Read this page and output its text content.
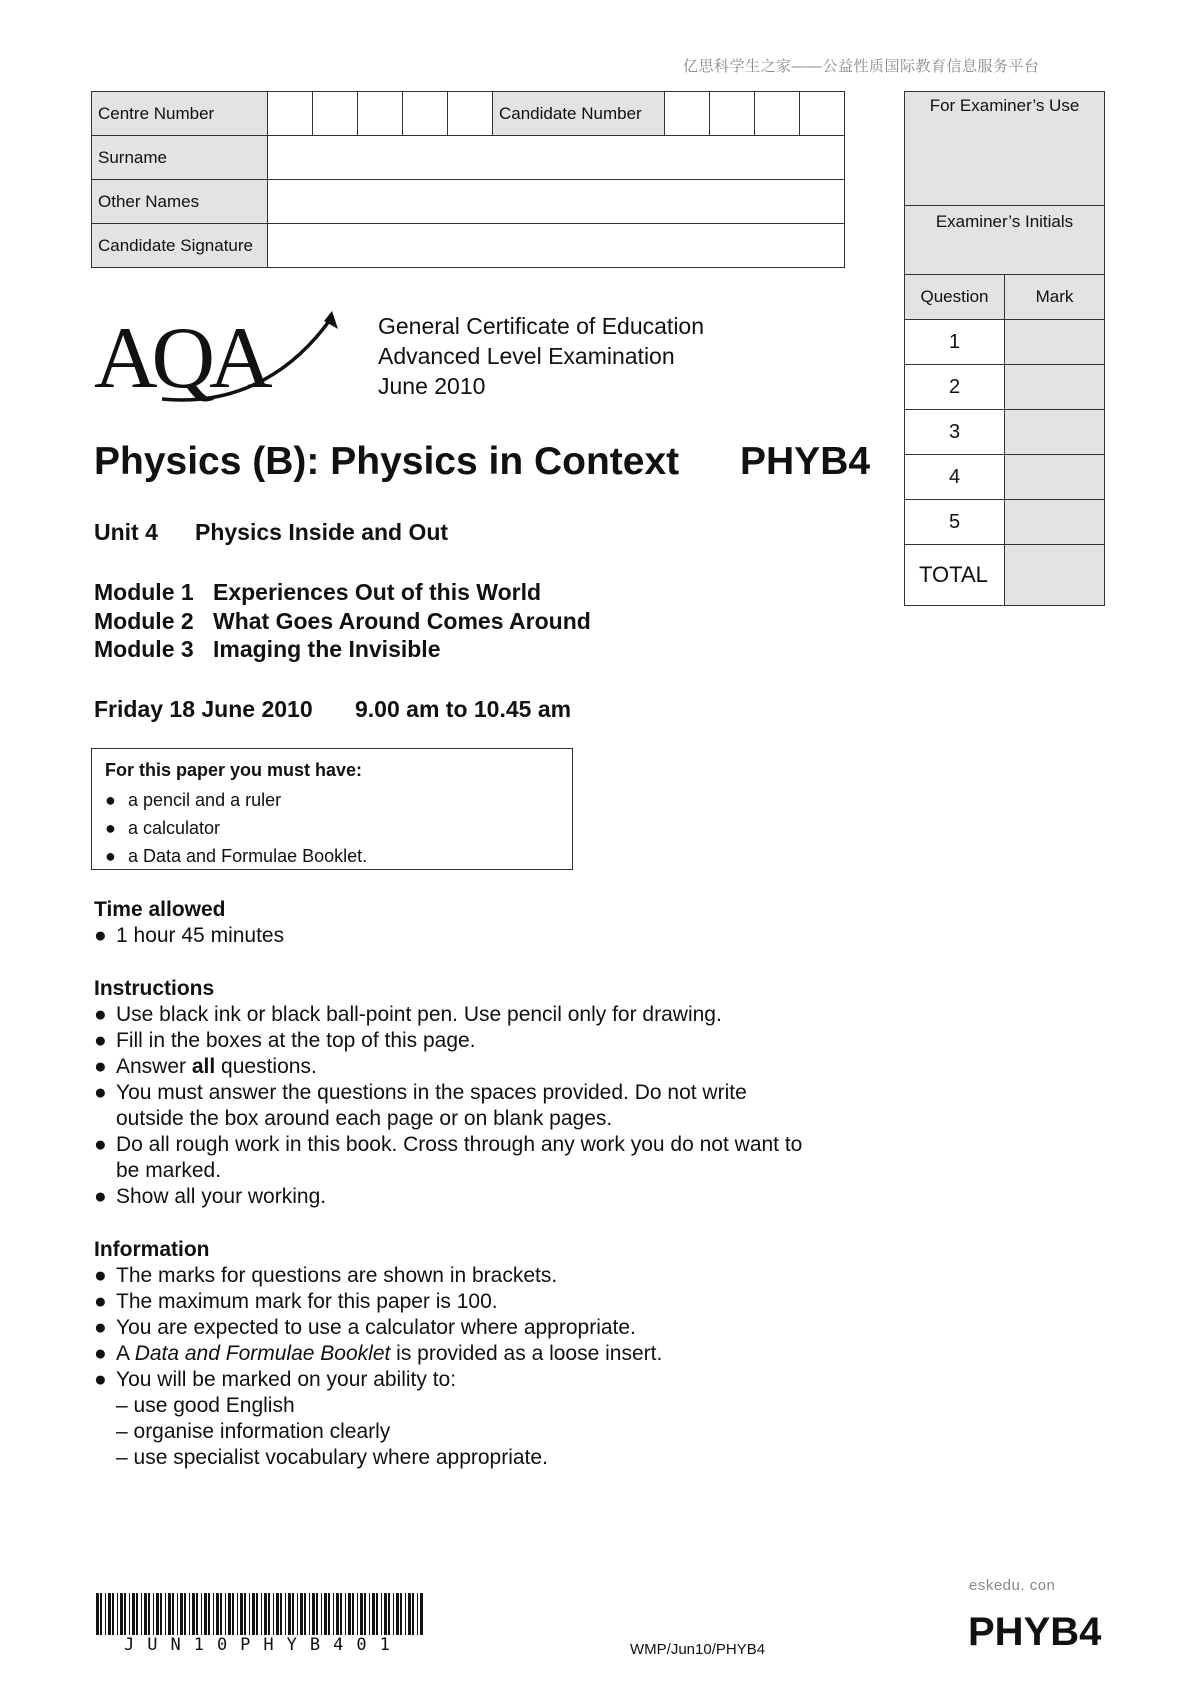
亿思科学生之家——公益性质国际教育信息服务平台
Centre Number						Candidate Number				
Surname										
Other Names										
Candidate Signature										
For Examiner’s Use
Examiner’s Initials
Question	Mark
1
2
3
4
5
TOTAL
AQA	General Certificate of Education
Advanced Level Examination
June 2010
Physics (B): Physics in Context PHYB4
Unit 4 Physics Inside and Out
Module 1 Experiences Out of this World
Module 2 What Goes Around Comes Around
Module 3 Imaging the Invisible
Friday 18 June 2010 9.00 am to 10.45 am
For this paper you must have:
● a pencil and a ruler
● a calculator
● a Data and Formulae Booklet.
Time allowed
● 1 hour 45 minutes
Instructions
● Use black ink or black ball-point pen. Use pencil only for drawing.
● Fill in the boxes at the top of this page.
● Answer all questions.
● You must answer the questions in the spaces provided. Do not write outside the box around each page or on blank pages.
● Do all rough work in this book. Cross through any work you do not want to be marked.
● Show all your working.
Information
● The marks for questions are shown in brackets.
● The maximum mark for this paper is 100.
● You are expected to use a calculator where appropriate.
● A Data and Formulae Booklet is provided as a loose insert.
● You will be marked on your ability to:
– use good English
– organise information clearly
– use specialist vocabulary where appropriate.
JUN10PHYB401	WMP/Jun10/PHYB4
eskedu. con
PHYB4
